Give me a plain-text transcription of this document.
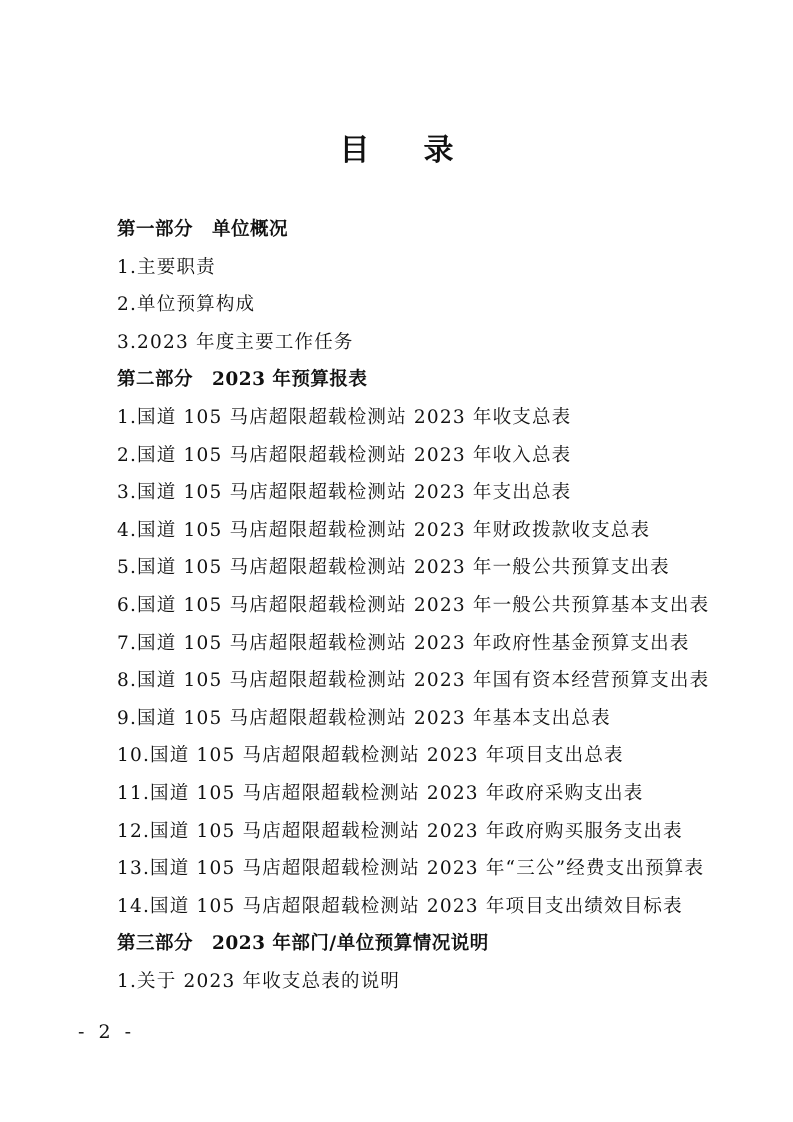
目录
第一部分　单位概况
1.主要职责
2.单位预算构成
3.2023 年度主要工作任务
第二部分　2023 年预算报表
1.国道 105 马店超限超载检测站 2023 年收支总表
2.国道 105 马店超限超载检测站 2023 年收入总表
3.国道 105 马店超限超载检测站 2023 年支出总表
4.国道 105 马店超限超载检测站 2023 年财政拨款收支总表
5.国道 105 马店超限超载检测站 2023 年一般公共预算支出表
6.国道 105 马店超限超载检测站 2023 年一般公共预算基本支出表
7.国道 105 马店超限超载检测站 2023 年政府性基金预算支出表
8.国道 105 马店超限超载检测站 2023 年国有资本经营预算支出表
9.国道 105 马店超限超载检测站 2023 年基本支出总表
10.国道 105 马店超限超载检测站 2023 年项目支出总表
11.国道 105 马店超限超载检测站 2023 年政府采购支出表
12.国道 105 马店超限超载检测站 2023 年政府购买服务支出表
13.国道 105 马店超限超载检测站 2023 年“三公”经费支出预算表
14.国道 105 马店超限超载检测站 2023 年项目支出绩效目标表
第三部分　2023 年部门/单位预算情况说明
1.关于 2023 年收支总表的说明
- 2 -
